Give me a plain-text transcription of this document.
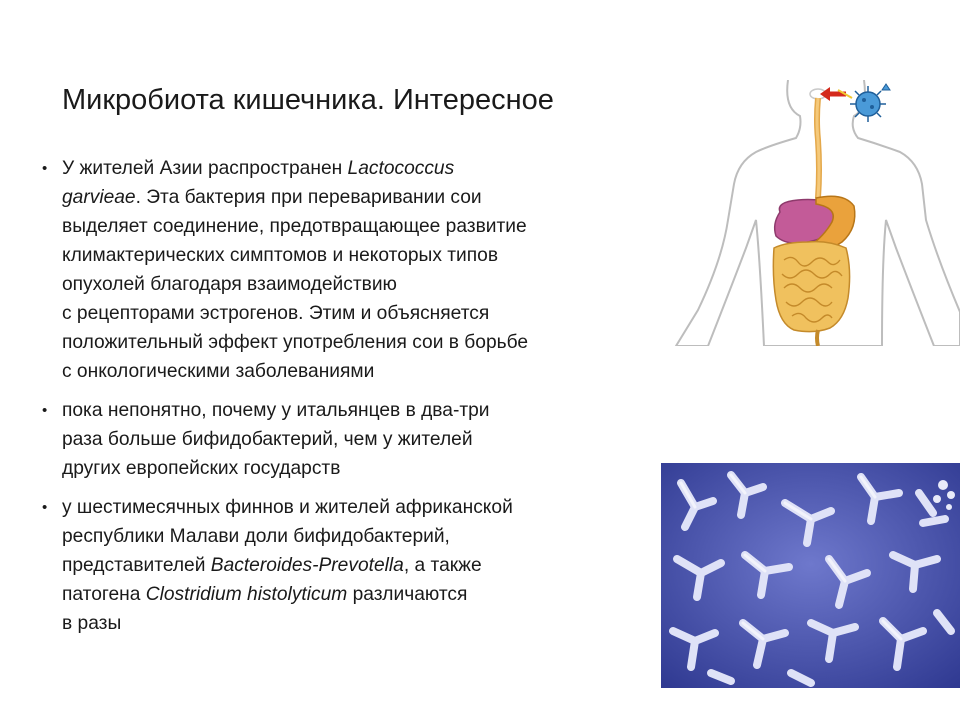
Микробиота кишечника. Интересное
• У жителей Азии распространен Lactococcus
garvieae. Эта бактерия при переваривании сои
выделяет соединение, предотвращающее развитие
климактерических симптомов и некоторых типов
опухолей благодаря взаимодействию
с рецепторами эстрогенов. Этим и объясняется
положительный эффект употребления сои в борьбе
с онкологическими заболеваниями
• пока непонятно, почему у итальянцев в два-три
раза больше бифидобактерий, чем у жителей
других европейских государств
• у шестимесячных финнов и жителей африканской
республики Малави доли бифидобактерий,
представителей Bacteroides-Prevotella, а также
патогена Clostridium histolyticum различаются
в разы
